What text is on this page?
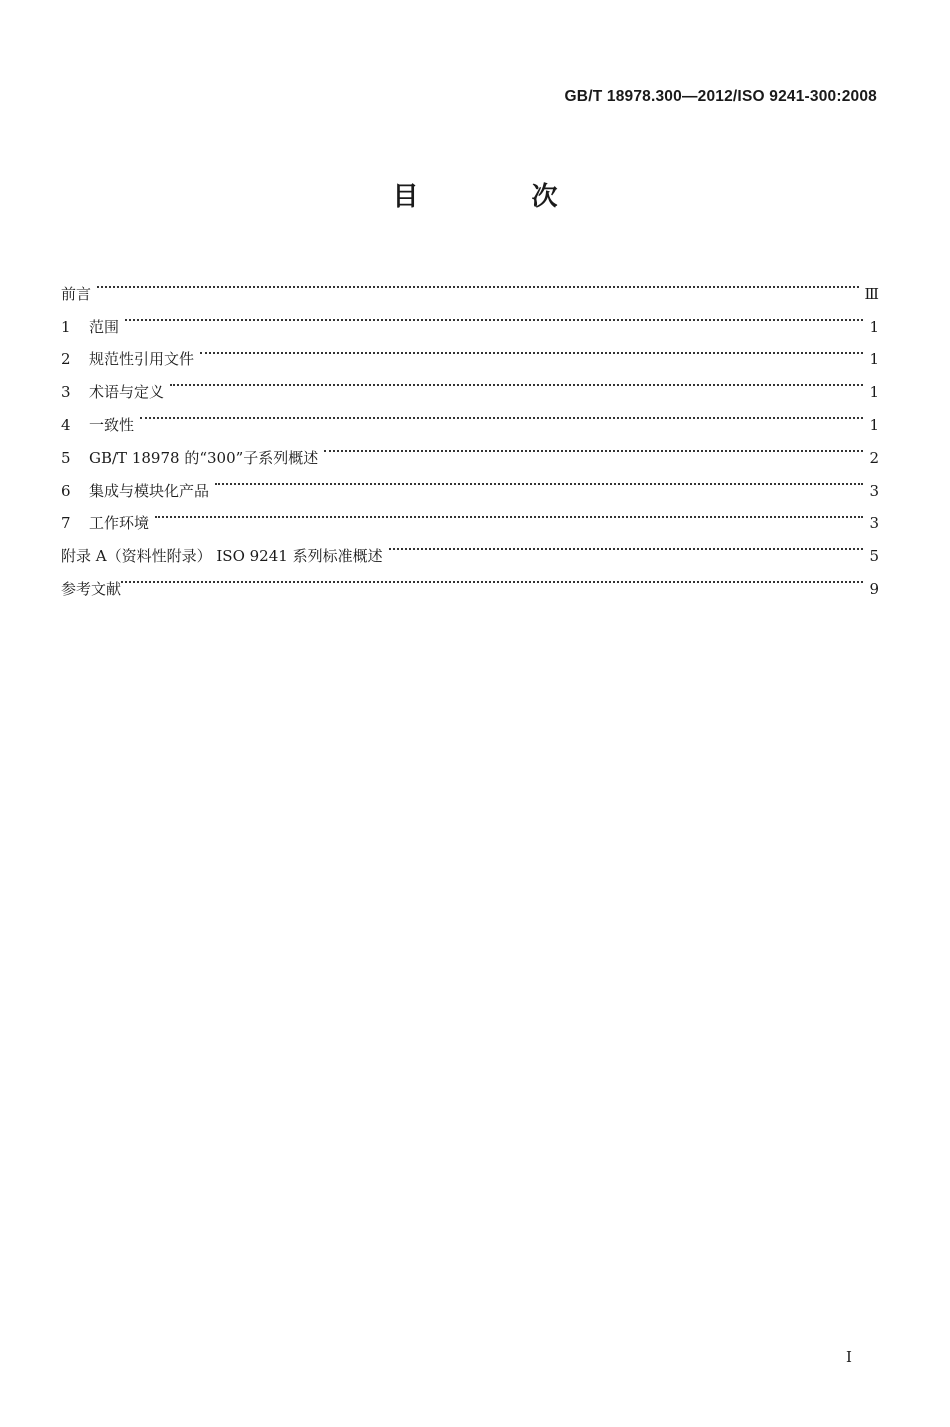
GB/T 18978.300—2012/ISO 9241-300:2008
目 次
前言	Ⅲ
1	范围	1
2	规范性引用文件	1
3	术语与定义	1
4	一致性	1
5	GB/T 18978 的“300”子系列概述	2
6	集成与模块化产品	3
7	工作环境	3
附录 A（资料性附录） ISO 9241 系列标准概述	5
参考文献	9
I
